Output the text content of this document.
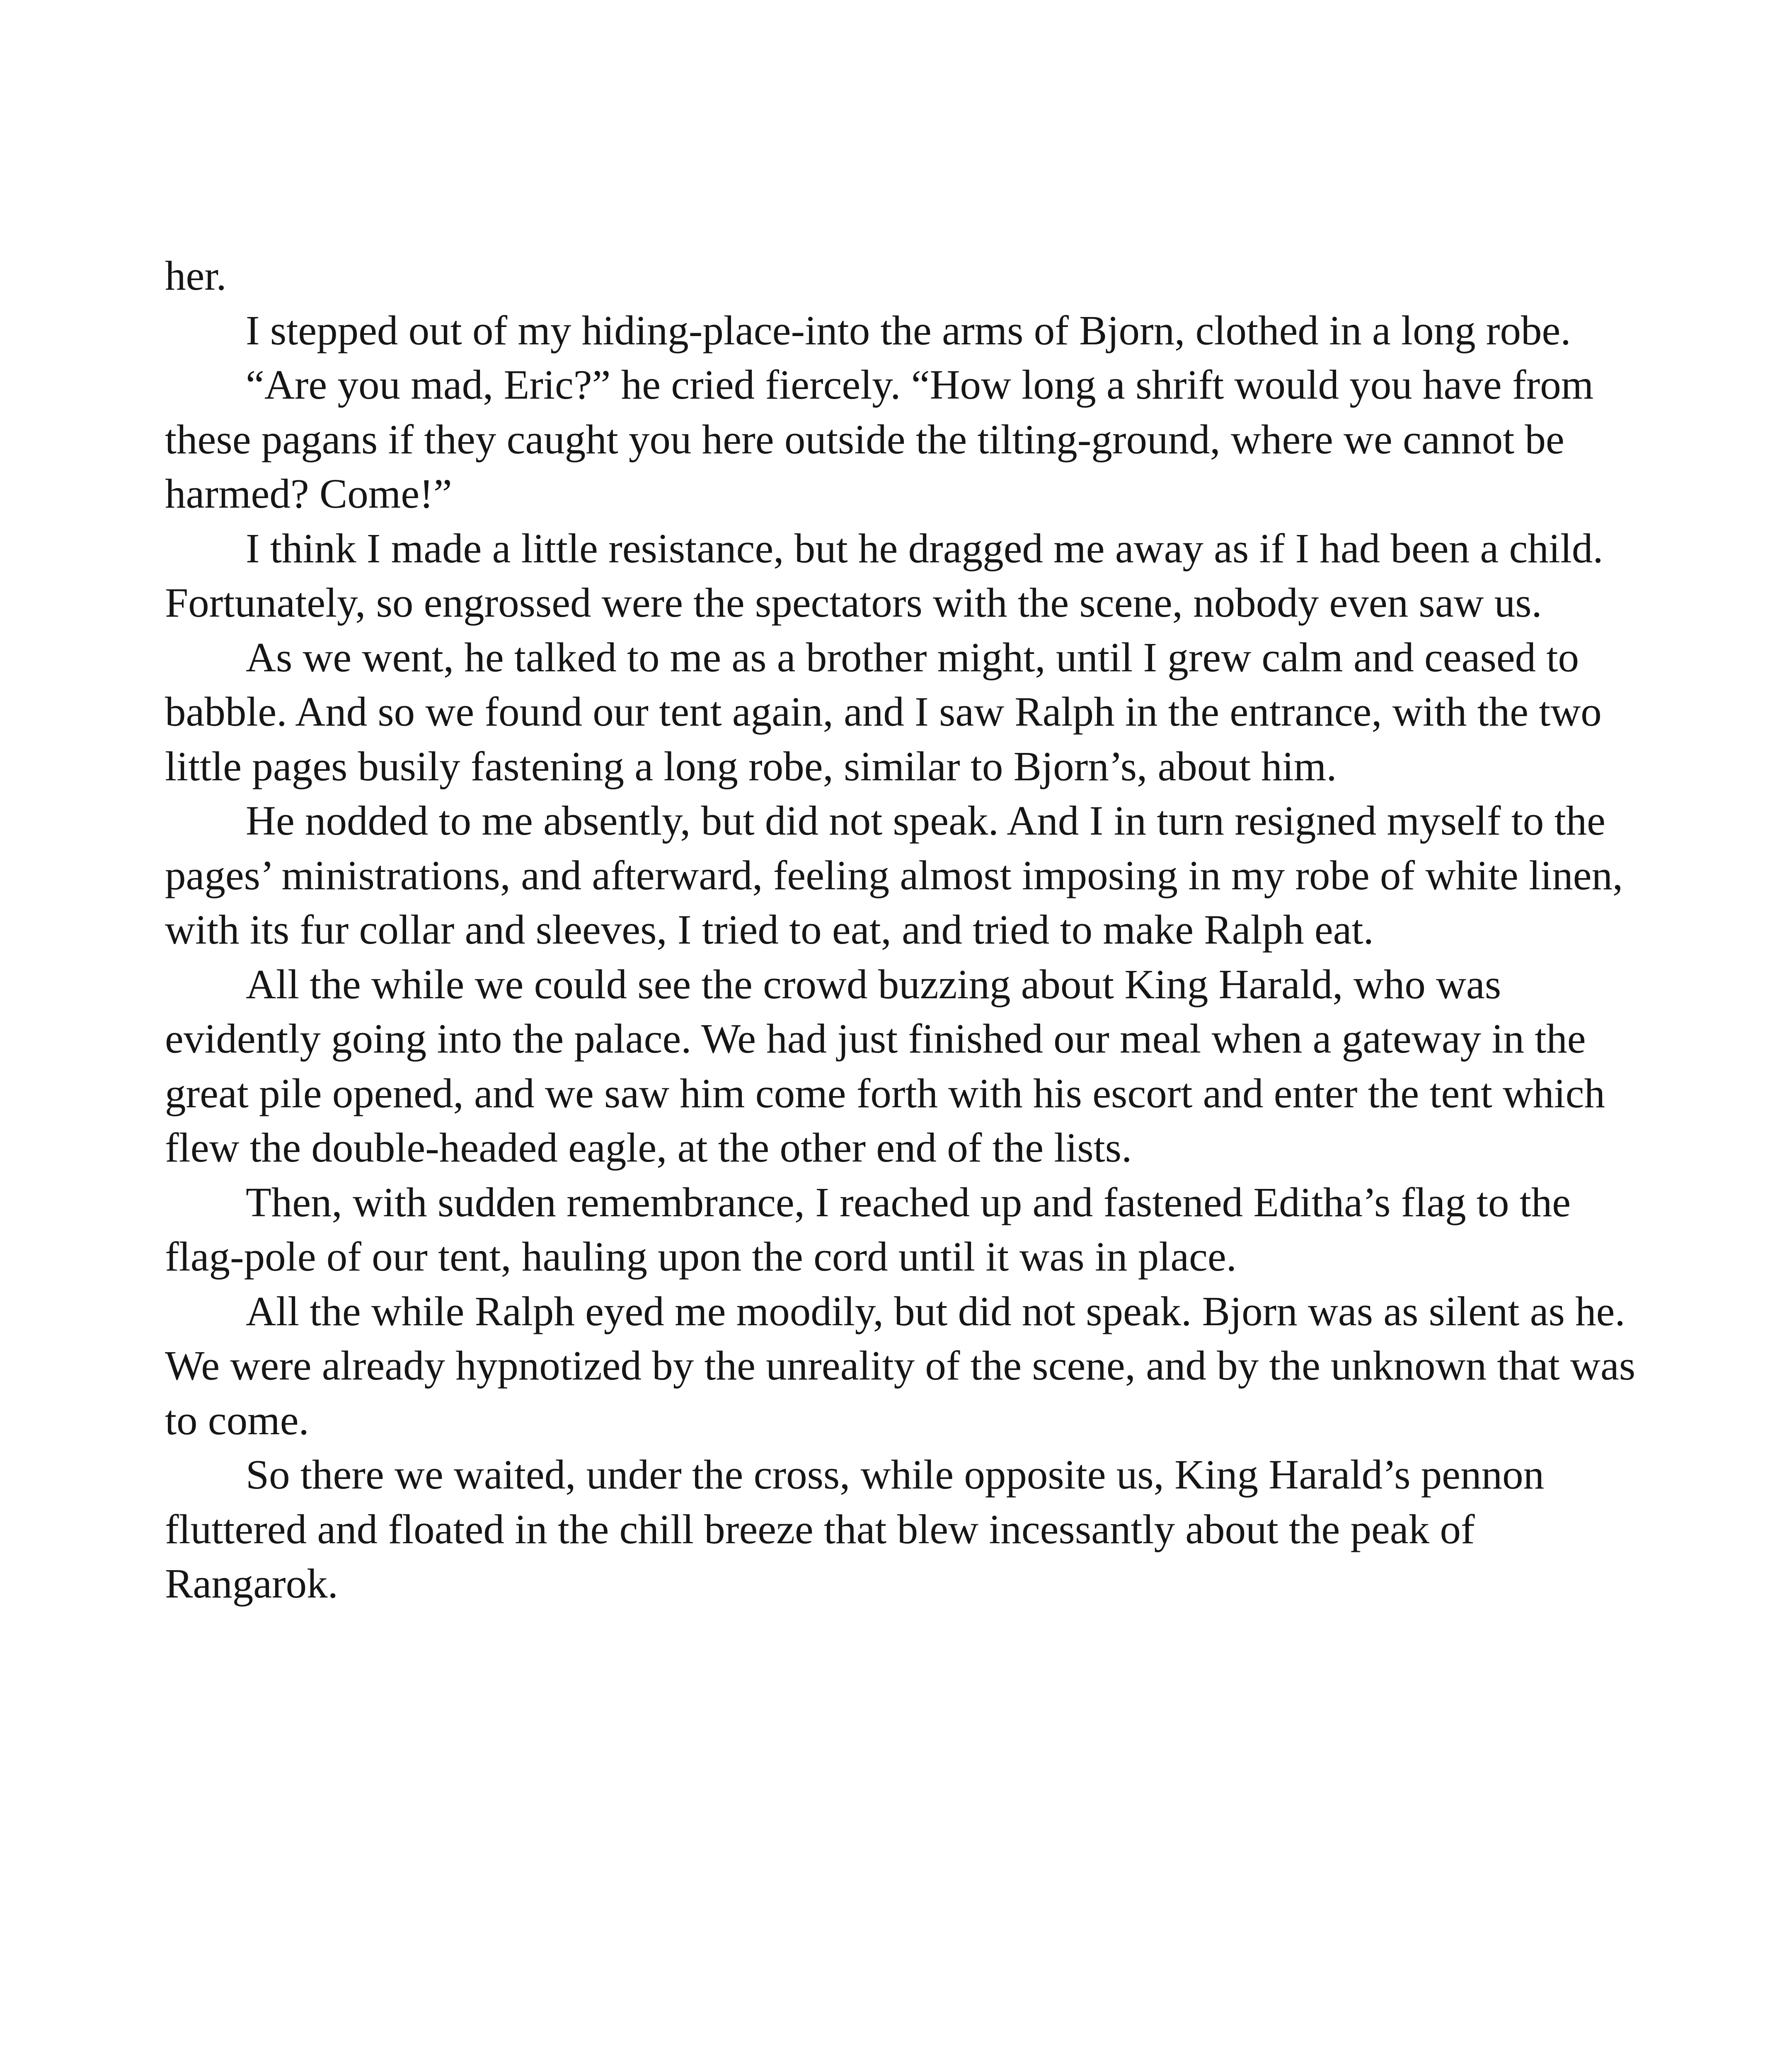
her.

I stepped out of my hiding-place-into the arms of Bjorn, clothed in a long robe.

“Are you mad, Eric?” he cried fiercely. “How long a shrift would you have from these pagans if they caught you here outside the tilting-ground, where we cannot be harmed? Come!”

I think I made a little resistance, but he dragged me away as if I had been a child. Fortunately, so engrossed were the spectators with the scene, nobody even saw us.

As we went, he talked to me as a brother might, until I grew calm and ceased to babble. And so we found our tent again, and I saw Ralph in the entrance, with the two little pages busily fastening a long robe, similar to Bjorn’s, about him.

He nodded to me absently, but did not speak. And I in turn resigned myself to the pages’ ministrations, and afterward, feeling almost imposing in my robe of white linen, with its fur collar and sleeves, I tried to eat, and tried to make Ralph eat.

All the while we could see the crowd buzzing about King Harald, who was evidently going into the palace. We had just finished our meal when a gateway in the great pile opened, and we saw him come forth with his escort and enter the tent which flew the double-headed eagle, at the other end of the lists.

Then, with sudden remembrance, I reached up and fastened Editha’s flag to the flag-pole of our tent, hauling upon the cord until it was in place.

All the while Ralph eyed me moodily, but did not speak. Bjorn was as silent as he. We were already hypnotized by the unreality of the scene, and by the unknown that was to come.

So there we waited, under the cross, while opposite us, King Harald’s pennon fluttered and floated in the chill breeze that blew incessantly about the peak of Rangarok.
